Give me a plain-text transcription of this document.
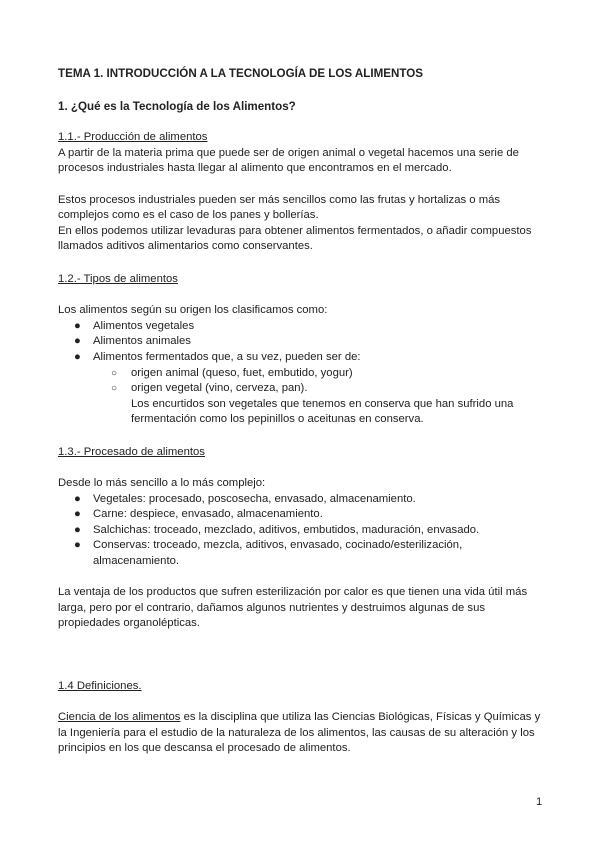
TEMA 1. INTRODUCCIÓN A LA TECNOLOGÍA DE LOS ALIMENTOS

1. ¿Qué es la Tecnología de los Alimentos?

1.1.- Producción de alimentos

A partir de la materia prima que puede ser de origen animal o vegetal hacemos una serie de procesos industriales hasta llegar al alimento que encontramos en el mercado.

Estos procesos industriales pueden ser más sencillos como las frutas y hortalizas o más complejos como es el caso de los panes y bollerías.

En ellos podemos utilizar levaduras para obtener alimentos fermentados, o añadir compuestos llamados aditivos alimentarios como conservantes.

1.2.- Tipos de alimentos

Los alimentos según su origen los clasificamos como:

● Alimentos vegetales
● Alimentos animales
● Alimentos fermentados que, a su vez, pueden ser de:
○ origen animal (queso, fuet, embutido, yogur)
○ origen vegetal (vino, cerveza, pan).
Los encurtidos son vegetales que tenemos en conserva que han sufrido una fermentación como los pepinillos o aceitunas en conserva.

1.3.- Procesado de alimentos

Desde lo más sencillo a lo más complejo:

● Vegetales: procesado, poscosecha, envasado, almacenamiento.
● Carne: despiece, envasado, almacenamiento.
● Salchichas: troceado, mezclado, aditivos, embutidos, maduración, envasado.
● Conservas: troceado, mezcla, aditivos, envasado, cocinado/esterilización, almacenamiento.

La ventaja de los productos que sufren esterilización por calor es que tienen una vida útil más larga, pero por el contrario, dañamos algunos nutrientes y destruimos algunas de sus propiedades organolépticas.

1.4 Definiciones.

Ciencia de los alimentos es la disciplina que utiliza las Ciencias Biológicas, Físicas y Químicas y la Ingeniería para el estudio de la naturaleza de los alimentos, las causas de su alteración y los principios en los que descansa el procesado de alimentos.

1
